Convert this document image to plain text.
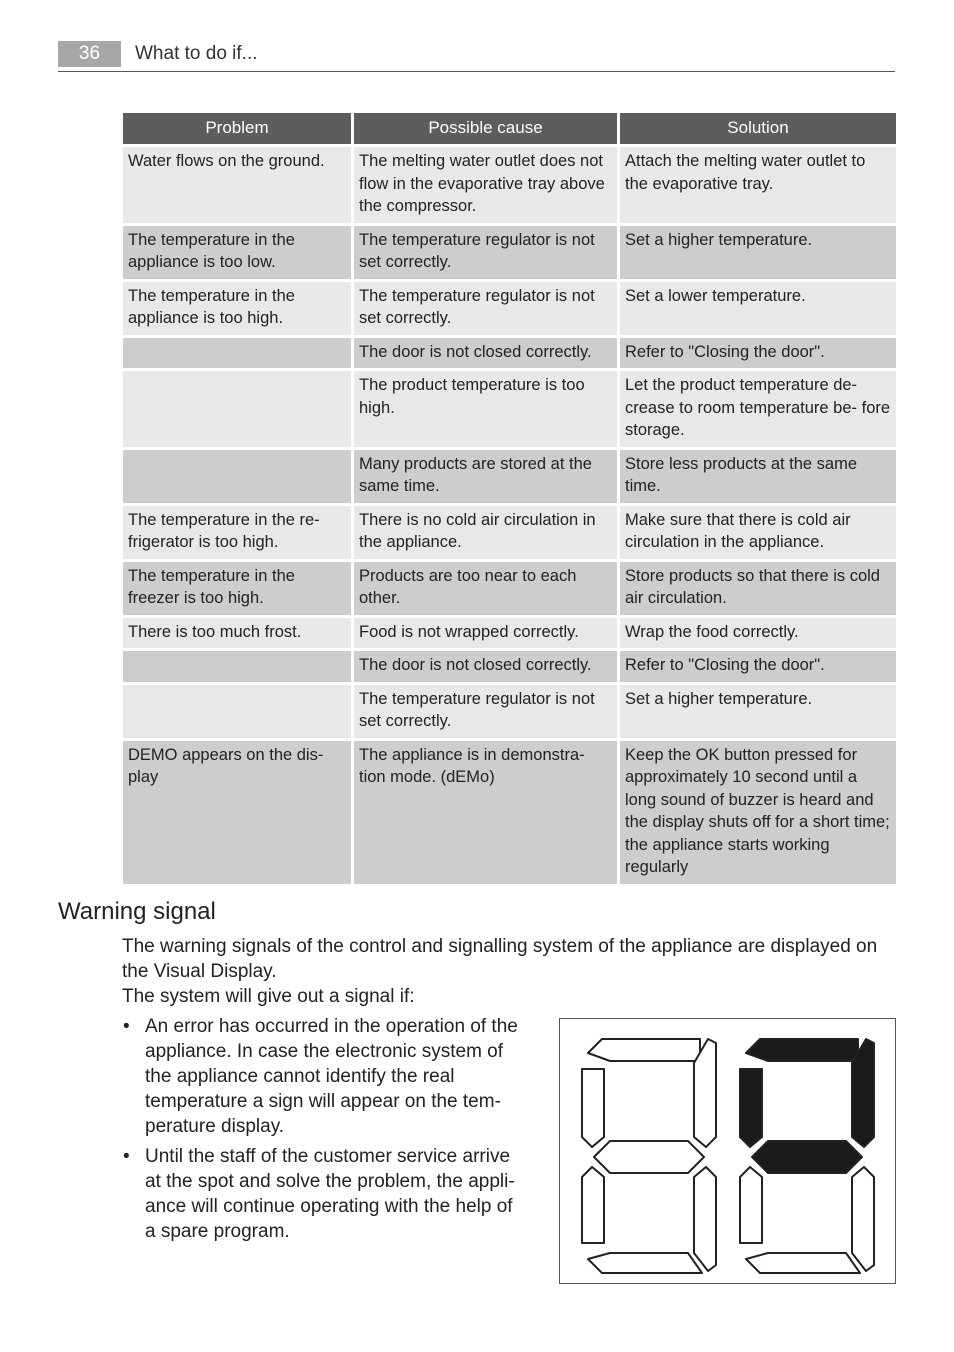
36	What to do if...
Problem	Possible cause	Solution
Water flows on the ground.	The melting water outlet does not flow in the evaporative tray above the compressor.	Attach the melting water outlet to the evaporative tray.
The temperature in the appliance is too low.	The temperature regulator is not set correctly.	Set a higher temperature.
The temperature in the appliance is too high.	The temperature regulator is not set correctly.	Set a lower temperature.
	The door is not closed correctly.	Refer to "Closing the door".
	The product temperature is too high.	Let the product temperature de- crease to room temperature be- fore storage.
	Many products are stored at the same time.	Store less products at the same time.
The temperature in the re- frigerator is too high.	There is no cold air circulation in the appliance.	Make sure that there is cold air circulation in the appliance.
The temperature in the freezer is too high.	Products are too near to each other.	Store products so that there is cold air circulation.
There is too much frost.	Food is not wrapped correctly.	Wrap the food correctly.
	The door is not closed correctly.	Refer to "Closing the door".
	The temperature regulator is not set correctly.	Set a higher temperature.
DEMO appears on the dis- play	The appliance is in demonstra- tion mode. (dEMo)	Keep the OK button pressed for approximately 10 second until a long sound of buzzer is heard and the display shuts off for a short time; the appliance starts working regularly
Warning signal

The warning signals of the control and signalling system of the appliance are displayed on the Visual Display.

The system will give out a signal if:

• An error has occurred in the operation of the appliance. In case the electronic system of the appliance cannot identify the real temperature a sign will appear on the tem- perature display.
• Until the staff of the customer service arrive at the spot and solve the problem, the appli- ance will continue operating with the help of a spare program.
